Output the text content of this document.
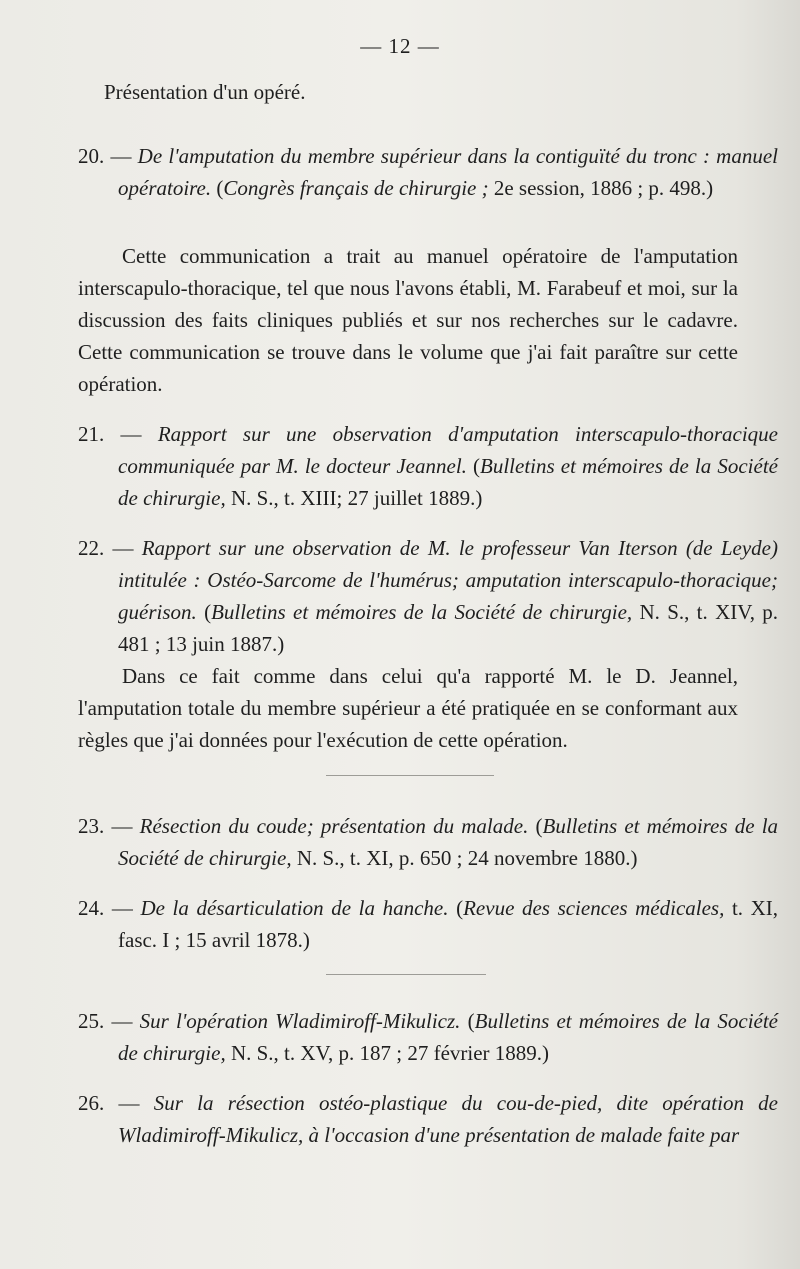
— 12 —
Présentation d'un opéré.

20. — De l'amputation du membre supérieur dans la contiguïté du tronc : manuel opératoire. (Congrès français de chirurgie ; 2e session, 1886 ; p. 498.)

Cette communication a trait au manuel opératoire de l'amputation interscapulo-thoracique, tel que nous l'avons établi, M. Farabeuf et moi, sur la discussion des faits cliniques publiés et sur nos recherches sur le cadavre. Cette communication se trouve dans le volume que j'ai fait paraître sur cette opération.

21. — Rapport sur une observation d'amputation interscapulo-thoracique communiquée par M. le docteur Jeannel. (Bulletins et mémoires de la Société de chirurgie, N. S., t. XIII; 27 juillet 1889.)

22. — Rapport sur une observation de M. le professeur Van Iterson (de Leyde) intitulée : Ostéo-Sarcome de l'humérus; amputation interscapulo-thoracique; guérison. (Bulletins et mémoires de la Société de chirurgie, N. S., t. XIV, p. 481 ; 13 juin 1887.)

Dans ce fait comme dans celui qu'a rapporté M. le D. Jeannel, l'amputation totale du membre supérieur a été pratiquée en se conformant aux règles que j'ai données pour l'exécution de cette opération.

23. — Résection du coude; présentation du malade. (Bulletins et mémoires de la Société de chirurgie, N. S., t. XI, p. 650 ; 24 novembre 1880.)

24. — De la désarticulation de la hanche. (Revue des sciences médicales, t. XI, fasc. I ; 15 avril 1878.)

25. — Sur l'opération Wladimiroff-Mikulicz. (Bulletins et mémoires de la Société de chirurgie, N. S., t. XV, p. 187 ; 27 février 1889.)

26. — Sur la résection ostéo-plastique du cou-de-pied, dite opération de Wladimiroff-Mikulicz, à l'occasion d'une présentation de malade faite par
